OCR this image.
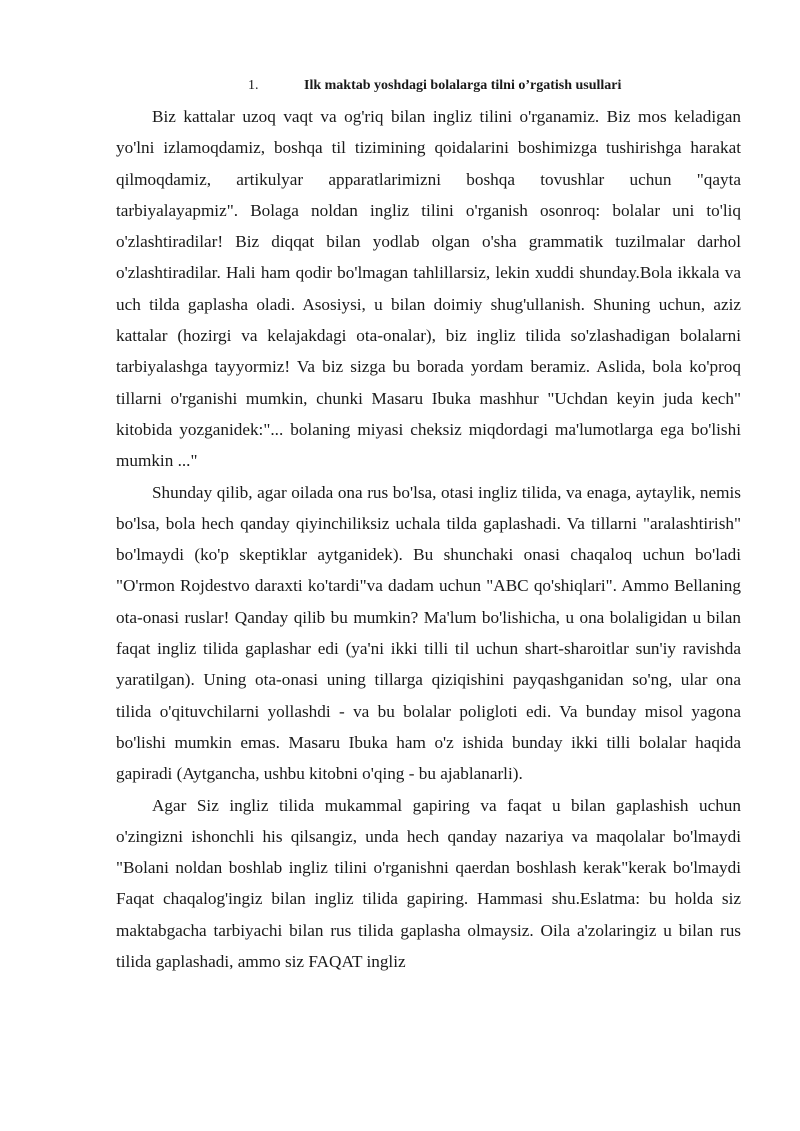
1.	Ilk maktab yoshdagi bolalarga tilni o’rgatish usullari

Biz kattalar uzoq vaqt va og'riq bilan ingliz tilini o'rganamiz. Biz mos keladigan yo'lni izlamoqdamiz, boshqa til tizimining qoidalarini boshimizga tushirishga harakat qilmoqdamiz, artikulyar apparatlarimizni boshqa tovushlar uchun "qayta tarbiyalayapmiz". Bolaga noldan ingliz tilini o'rganish osonroq: bolalar uni to'liq o'zlashtiradilar! Biz diqqat bilan yodlab olgan o'sha grammatik tuzilmalar darhol o'zlashtiradilar. Hali ham qodir bo'lmagan tahlillarsiz, lekin xuddi shunday.Bola ikkala va uch tilda gaplasha oladi. Asosiysi, u bilan doimiy shug'ullanish. Shuning uchun, aziz kattalar (hozirgi va kelajakdagi ota-onalar), biz ingliz tilida so'zlashadigan bolalarni tarbiyalashga tayyormiz! Va biz sizga bu borada yordam beramiz. Aslida, bola ko'proq tillarni o'rganishi mumkin, chunki Masaru Ibuka mashhur "Uchdan keyin juda kech" kitobida yozganidek:"... bolaning miyasi cheksiz miqdordagi ma'lumotlarga ega bo'lishi mumkin ..."

Shunday qilib, agar oilada ona rus bo'lsa, otasi ingliz tilida, va enaga, aytaylik, nemis bo'lsa, bola hech qanday qiyinchiliksiz uchala tilda gaplashadi. Va tillarni "aralashtirish" bo'lmaydi (ko'p skeptiklar aytganidek). Bu shunchaki onasi chaqaloq uchun bo'ladi "O'rmon Rojdestvo daraxti ko'tardi"va dadam uchun "ABC qo'shiqlari". Ammo Bellaning ota-onasi ruslar! Qanday qilib bu mumkin? Ma'lum bo'lishicha, u ona bolaligidan u bilan faqat ingliz tilida gaplashar edi (ya'ni ikki tilli til uchun shart-sharoitlar sun'iy ravishda yaratilgan). Uning ota-onasi uning tillarga qiziqishini payqashganidan so'ng, ular ona tilida o'qituvchilarni yollashdi - va bu bolalar poligloti edi. Va bunday misol yagona bo'lishi mumkin emas. Masaru Ibuka ham o'z ishida bunday ikki tilli bolalar haqida gapiradi (Aytgancha, ushbu kitobni o'qing - bu ajablanarli).

Agar Siz ingliz tilida mukammal gapiring va faqat u bilan gaplashish uchun o'zingizni ishonchli his qilsangiz, unda hech qanday nazariya va maqolalar bo'lmaydi "Bolani noldan boshlab ingliz tilini o'rganishni qaerdan boshlash kerak"kerak bo'lmaydi Faqat chaqalog'ingiz bilan ingliz tilida gapiring. Hammasi shu.Eslatma: bu holda siz maktabgacha tarbiyachi bilan rus tilida gaplasha olmaysiz. Oila a'zolaringiz u bilan rus tilida gaplashadi, ammo siz FAQAT ingliz
